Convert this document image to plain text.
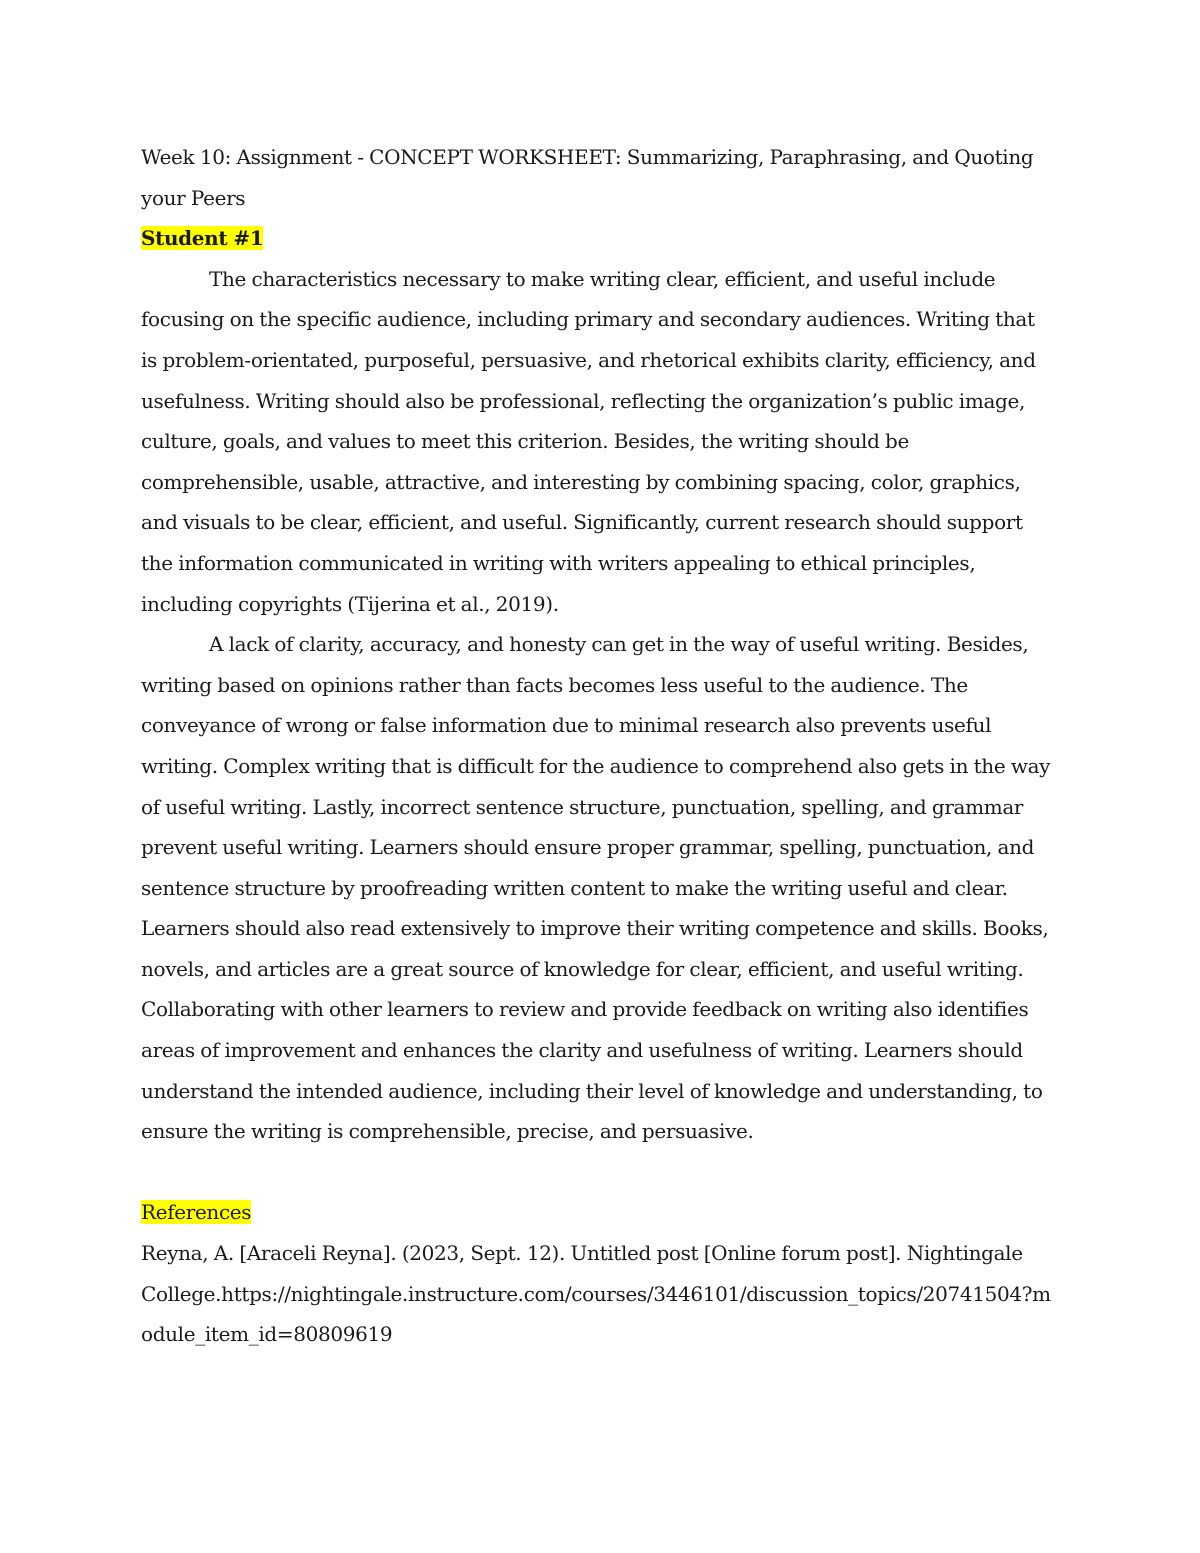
Week 10: Assignment - CONCEPT WORKSHEET: Summarizing, Paraphrasing, and Quoting your Peers

Student #1

The characteristics necessary to make writing clear, efficient, and useful include focusing on the specific audience, including primary and secondary audiences. Writing that is problem-orientated, purposeful, persuasive, and rhetorical exhibits clarity, efficiency, and usefulness. Writing should also be professional, reflecting the organization’s public image, culture, goals, and values to meet this criterion. Besides, the writing should be comprehensible, usable, attractive, and interesting by combining spacing, color, graphics, and visuals to be clear, efficient, and useful. Significantly, current research should support the information communicated in writing with writers appealing to ethical principles, including copyrights (Tijerina et al., 2019).

A lack of clarity, accuracy, and honesty can get in the way of useful writing. Besides, writing based on opinions rather than facts becomes less useful to the audience. The conveyance of wrong or false information due to minimal research also prevents useful writing. Complex writing that is difficult for the audience to comprehend also gets in the way of useful writing. Lastly, incorrect sentence structure, punctuation, spelling, and grammar prevent useful writing. Learners should ensure proper grammar, spelling, punctuation, and sentence structure by proofreading written content to make the writing useful and clear. Learners should also read extensively to improve their writing competence and skills. Books, novels, and articles are a great source of knowledge for clear, efficient, and useful writing. Collaborating with other learners to review and provide feedback on writing also identifies areas of improvement and enhances the clarity and usefulness of writing. Learners should understand the intended audience, including their level of knowledge and understanding, to ensure the writing is comprehensible, precise, and persuasive.

References

Reyna, A. [Araceli Reyna]. (2023, Sept. 12). Untitled post [Online forum post]. Nightingale College.https://nightingale.instructure.com/courses/3446101/discussion_topics/20741504?module_item_id=80809619
